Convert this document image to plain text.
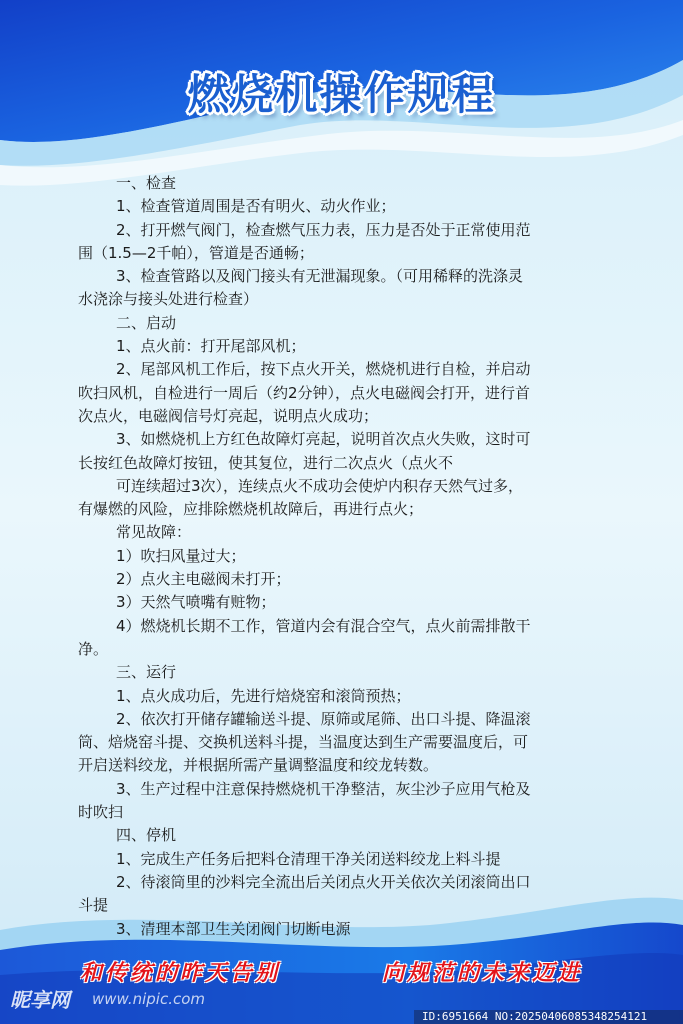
燃烧机操作规程

一、检查

1、检查管道周围是否有明火、动火作业；

2、打开燃气阀门，检查燃气压力表，压力是否处于正常使用范

围（1.5—2千帕），管道是否通畅；

3、检查管路以及阀门接头有无泄漏现象。（可用稀释的洗涤灵

水浇涂与接头处进行检查）

二、启动

1、点火前：打开尾部风机；

2、尾部风机工作后，按下点火开关，燃烧机进行自检，并启动

吹扫风机，自检进行一周后（约2分钟），点火电磁阀会打开，进行首

次点火，电磁阀信号灯亮起，说明点火成功；

3、如燃烧机上方红色故障灯亮起，说明首次点火失败，这时可

长按红色故障灯按钮，使其复位，进行二次点火（点火不

可连续超过3次），连续点火不成功会使炉内积存天然气过多，

有爆燃的风险，应排除燃烧机故障后，再进行点火；

常见故障：

1）吹扫风量过大；

2）点火主电磁阀未打开；

3）天然气喷嘴有赃物；

4）燃烧机长期不工作，管道内会有混合空气，点火前需排散干

净。

三、运行

1、点火成功后，先进行焙烧窑和滚筒预热；

2、依次打开储存罐输送斗提、原筛或尾筛、出口斗提、降温滚

筒、焙烧窑斗提、交换机送料斗提，当温度达到生产需要温度后，可

开启送料绞龙，并根据所需产量调整温度和绞龙转数。

3、生产过程中注意保持燃烧机干净整洁，灰尘沙子应用气枪及

时吹扫

四、停机

1、完成生产任务后把料仓清理干净关闭送料绞龙上料斗提

2、待滚筒里的沙料完全流出后关闭点火开关依次关闭滚筒出口

斗提

3、清理本部卫生关闭阀门切断电源

和传统的昨天告别	向规范的未来迈进
昵享网 www.nipic.com
ID:6951664 NO:20250406085348254121
